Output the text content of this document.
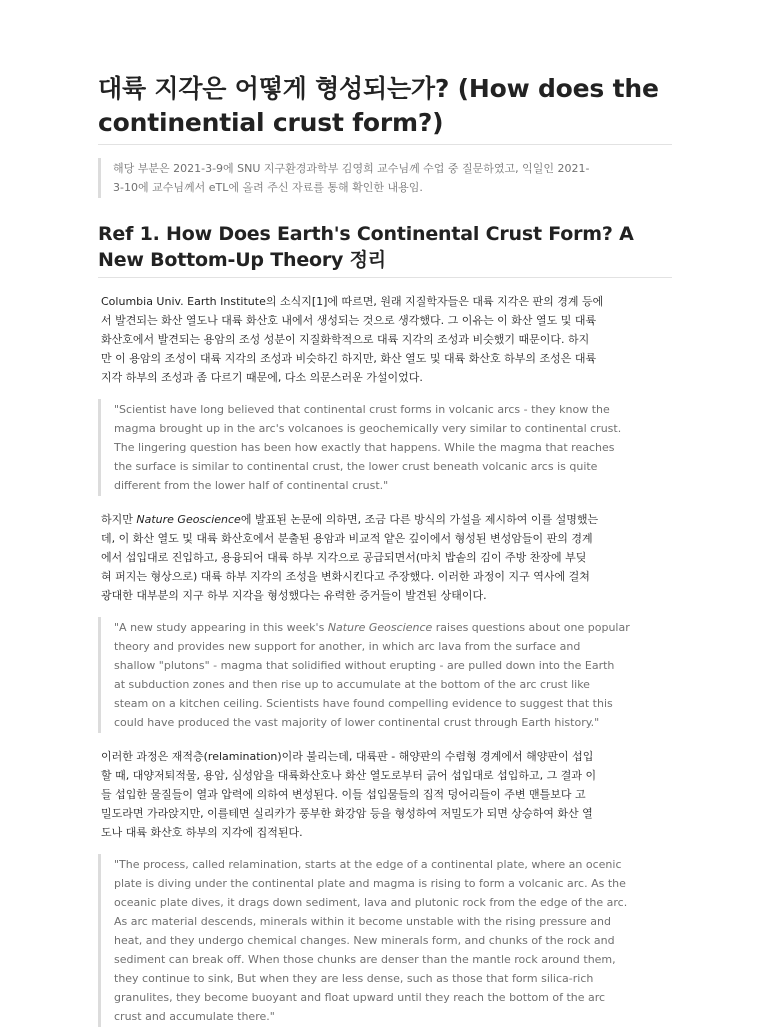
대륙 지각은 어떻게 형성되는가? (How does the continential crust form?)
해당 부분은 2021-3-9에 SNU 지구환경과학부 김영희 교수님께 수업 중 질문하였고, 익일인 2021-
3-10에 교수님께서 eTL에 올려 주신 자료를 통해 확인한 내용임.
Ref 1. How Does Earth's Continental Crust Form? A New Bottom-Up Theory 정리

Columbia Univ. Earth Institute의 소식지[1]에 따르면, 원래 지질학자들은 대륙 지각은 판의 경계 등에
서 발견되는 화산 열도나 대륙 화산호 내에서 생성되는 것으로 생각했다. 그 이유는 이 화산 열도 및 대륙
화산호에서 발견되는 용암의 조성 성분이 지질화학적으로 대륙 지각의 조성과 비슷했기 때문이다. 하지
만 이 용암의 조성이 대륙 지각의 조성과 비슷하긴 하지만, 화산 열도 및 대륙 화산호 하부의 조성은 대륙
지각 하부의 조성과 좀 다르기 때문에, 다소 의문스러운 가설이었다.

"Scientist have long believed that continental crust forms in volcanic arcs - they know the
magma brought up in the arc's volcanoes is geochemically very similar to continental crust.
The lingering question has been how exactly that happens. While the magma that reaches
the surface is similar to continental crust, the lower crust beneath volcanic arcs is quite
different from the lower half of continental crust."

하지만 Nature Geoscience에 발표된 논문에 의하면, 조금 다른 방식의 가설을 제시하여 이를 설명했는
데, 이 화산 열도 및 대륙 화산호에서 분출된 용암과 비교적 얕은 깊이에서 형성된 변성암들이 판의 경계
에서 섭입대로 진입하고, 용융되어 대륙 하부 지각으로 공급되면서(마치 밥솥의 김이 주방 찬장에 부딪
혀 퍼지는 형상으로) 대륙 하부 지각의 조성을 변화시킨다고 주장했다. 이러한 과정이 지구 역사에 걸쳐
광대한 대부분의 지구 하부 지각을 형성했다는 유력한 증거들이 발견된 상태이다.

"A new study appearing in this week's Nature Geoscience raises questions about one popular
theory and provides new support for another, in which arc lava from the surface and
shallow "plutons" - magma that solidified without erupting - are pulled down into the Earth
at subduction zones and then rise up to accumulate at the bottom of the arc crust like
steam on a kitchen ceiling. Scientists have found compelling evidence to suggest that this
could have produced the vast majority of lower continental crust through Earth history."

이러한 과정은 재적층(relamination)이라 불리는데, 대륙판 - 해양판의 수렴형 경계에서 해양판이 섭입
할 때, 대양저퇴적물, 용암, 심성암을 대륙화산호나 화산 열도로부터 긁어 섭입대로 섭입하고, 그 결과 이
들 섭입한 물질들이 열과 압력에 의하여 변성된다. 이들 섭입물들의 집적 덩어리들이 주변 맨틀보다 고
밀도라면 가라앉지만, 이를테면 실리카가 풍부한 화강암 등을 형성하여 저밀도가 되면 상승하여 화산 열
도나 대륙 화산호 하부의 지각에 집적된다.

"The process, called relamination, starts at the edge of a continental plate, where an ocenic
plate is diving under the continental plate and magma is rising to form a volcanic arc. As the
oceanic plate dives, it drags down sediment, lava and plutonic rock from the edge of the arc.
As arc material descends, minerals within it become unstable with the rising pressure and
heat, and they undergo chemical changes. New minerals form, and chunks of the rock and
sediment can break off. When those chunks are denser than the mantle rock around them,
they continue to sink, But when they are less dense, such as those that form silica-rich
granulites, they become buoyant and float upward until they reach the bottom of the arc
crust and accumulate there."
